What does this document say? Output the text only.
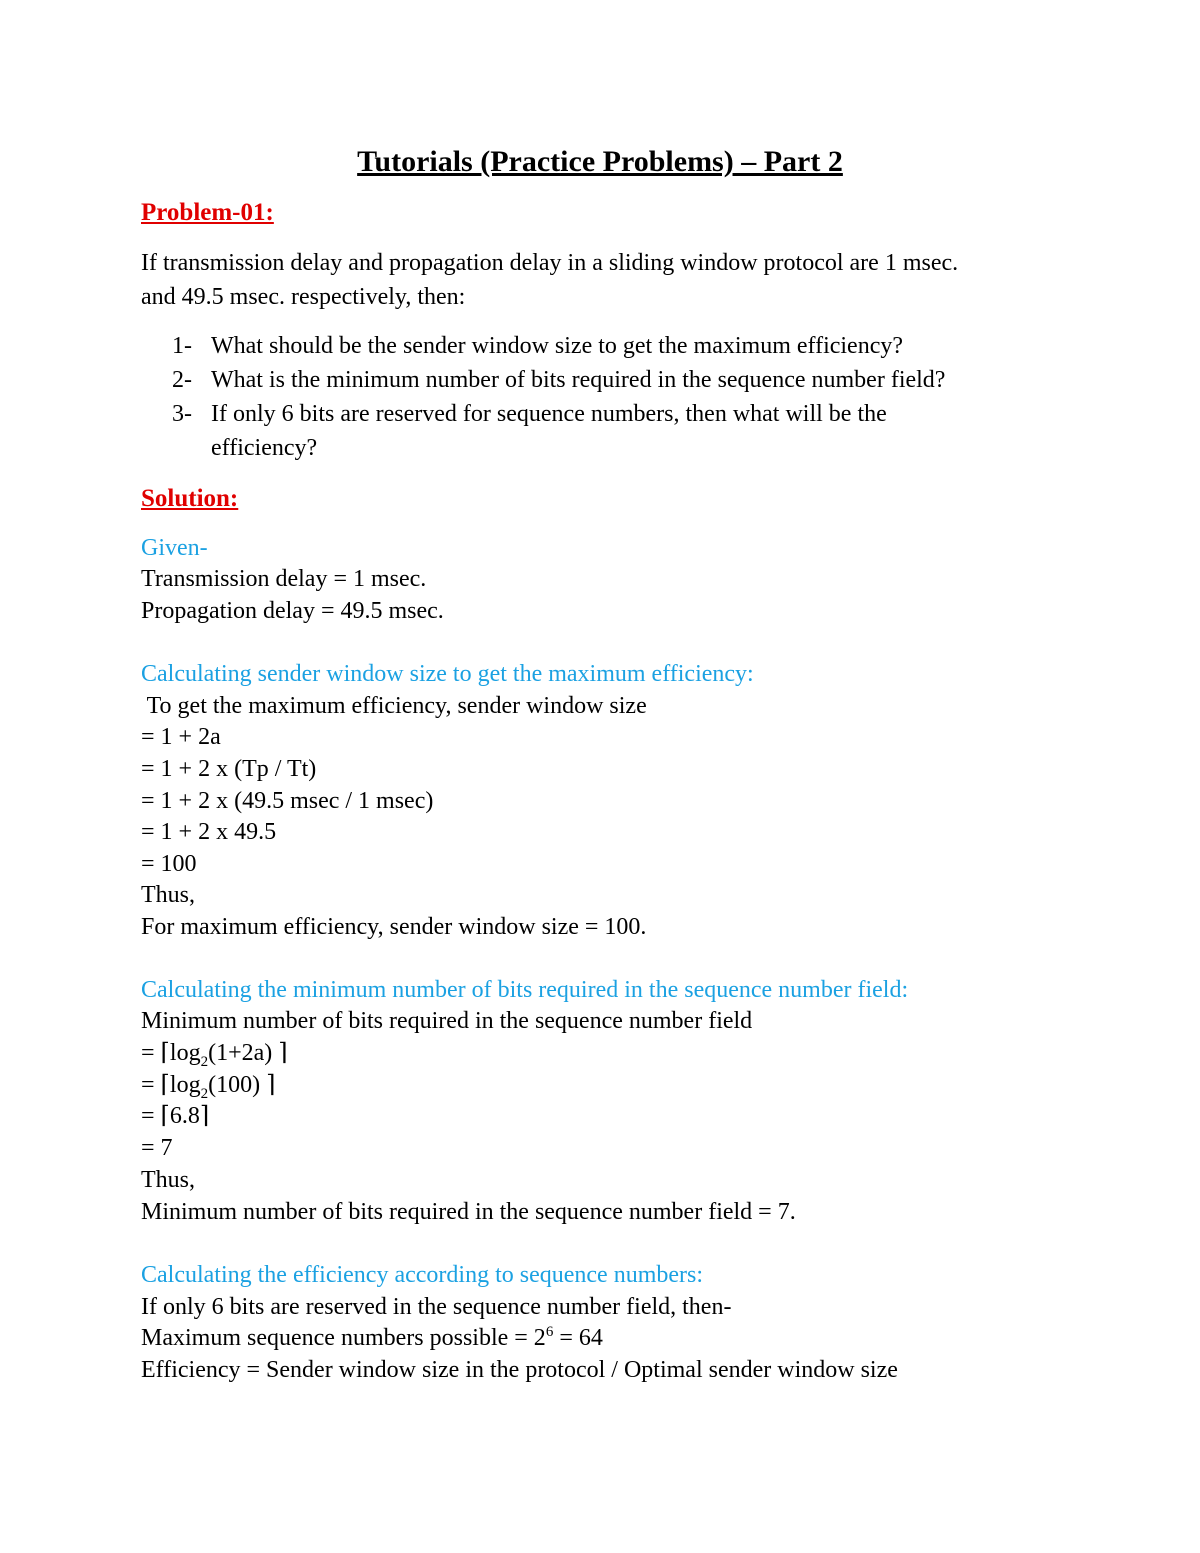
Tutorials (Practice Problems) – Part 2
Problem-01:
If transmission delay and propagation delay in a sliding window protocol are 1 msec.
and 49.5 msec. respectively, then:
1- What should be the sender window size to get the maximum efficiency?
2- What is the minimum number of bits required in the sequence number field?
3- If only 6 bits are reserved for sequence numbers, then what will be the
efficiency?
Solution:
Given-
Transmission delay = 1 msec.
Propagation delay = 49.5 msec.
Calculating sender window size to get the maximum efficiency:
To get the maximum efficiency, sender window size
= 1 + 2a
= 1 + 2 x (Tp / Tt)
= 1 + 2 x (49.5 msec / 1 msec)
= 1 + 2 x 49.5
= 100
Thus,
For maximum efficiency, sender window size = 100.
Calculating the minimum number of bits required in the sequence number field:
Minimum number of bits required in the sequence number field
= $⌈\log_2(1+2a)$ ⌉
= $⌈\log_2(100)$ ⌉
= ⌈6.8⌉
= 7
Thus,
Minimum number of bits required in the sequence number field = 7.
Calculating the efficiency according to sequence numbers:
If only 6 bits are reserved in the sequence number field, then-
Maximum sequence numbers possible = $2^6 = 64$
Efficiency = Sender window size in the protocol / Optimal sender window size
